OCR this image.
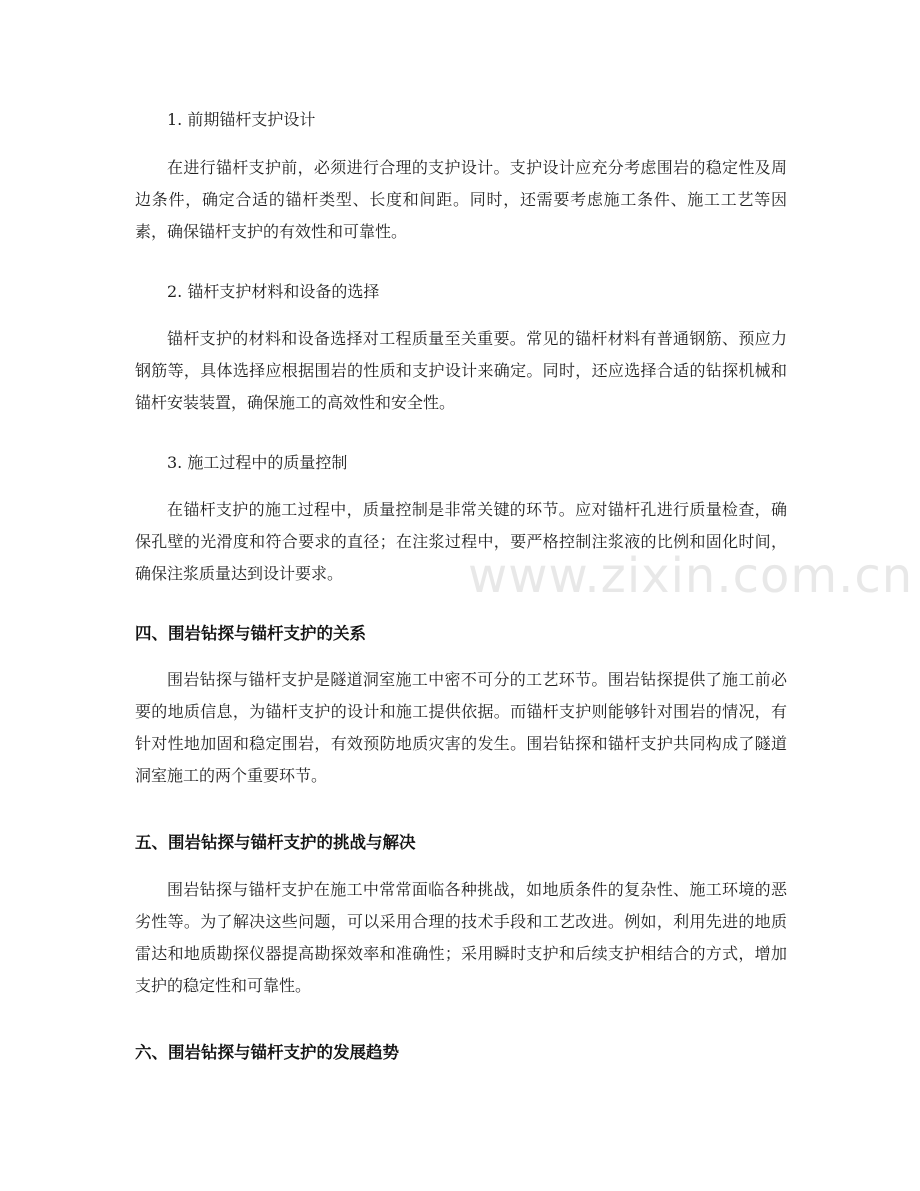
1. 前期锚杆支护设计

在进行锚杆支护前，必须进行合理的支护设计。支护设计应充分考虑围岩的稳定性及周边条件，确定合适的锚杆类型、长度和间距。同时，还需要考虑施工条件、施工工艺等因素，确保锚杆支护的有效性和可靠性。

2. 锚杆支护材料和设备的选择

锚杆支护的材料和设备选择对工程质量至关重要。常见的锚杆材料有普通钢筋、预应力钢筋等，具体选择应根据围岩的性质和支护设计来确定。同时，还应选择合适的钻探机械和锚杆安装装置，确保施工的高效性和安全性。

3. 施工过程中的质量控制

在锚杆支护的施工过程中，质量控制是非常关键的环节。应对锚杆孔进行质量检查，确保孔壁的光滑度和符合要求的直径；在注浆过程中，要严格控制注浆液的比例和固化时间，确保注浆质量达到设计要求。

四、围岩钻探与锚杆支护的关系

围岩钻探与锚杆支护是隧道洞室施工中密不可分的工艺环节。围岩钻探提供了施工前必要的地质信息，为锚杆支护的设计和施工提供依据。而锚杆支护则能够针对围岩的情况，有针对性地加固和稳定围岩，有效预防地质灾害的发生。围岩钻探和锚杆支护共同构成了隧道洞室施工的两个重要环节。

五、围岩钻探与锚杆支护的挑战与解决

围岩钻探与锚杆支护在施工中常常面临各种挑战，如地质条件的复杂性、施工环境的恶劣性等。为了解决这些问题，可以采用合理的技术手段和工艺改进。例如，利用先进的地质雷达和地质勘探仪器提高勘探效率和准确性；采用瞬时支护和后续支护相结合的方式，增加支护的稳定性和可靠性。

六、围岩钻探与锚杆支护的发展趋势
www.zixin.com.cn
